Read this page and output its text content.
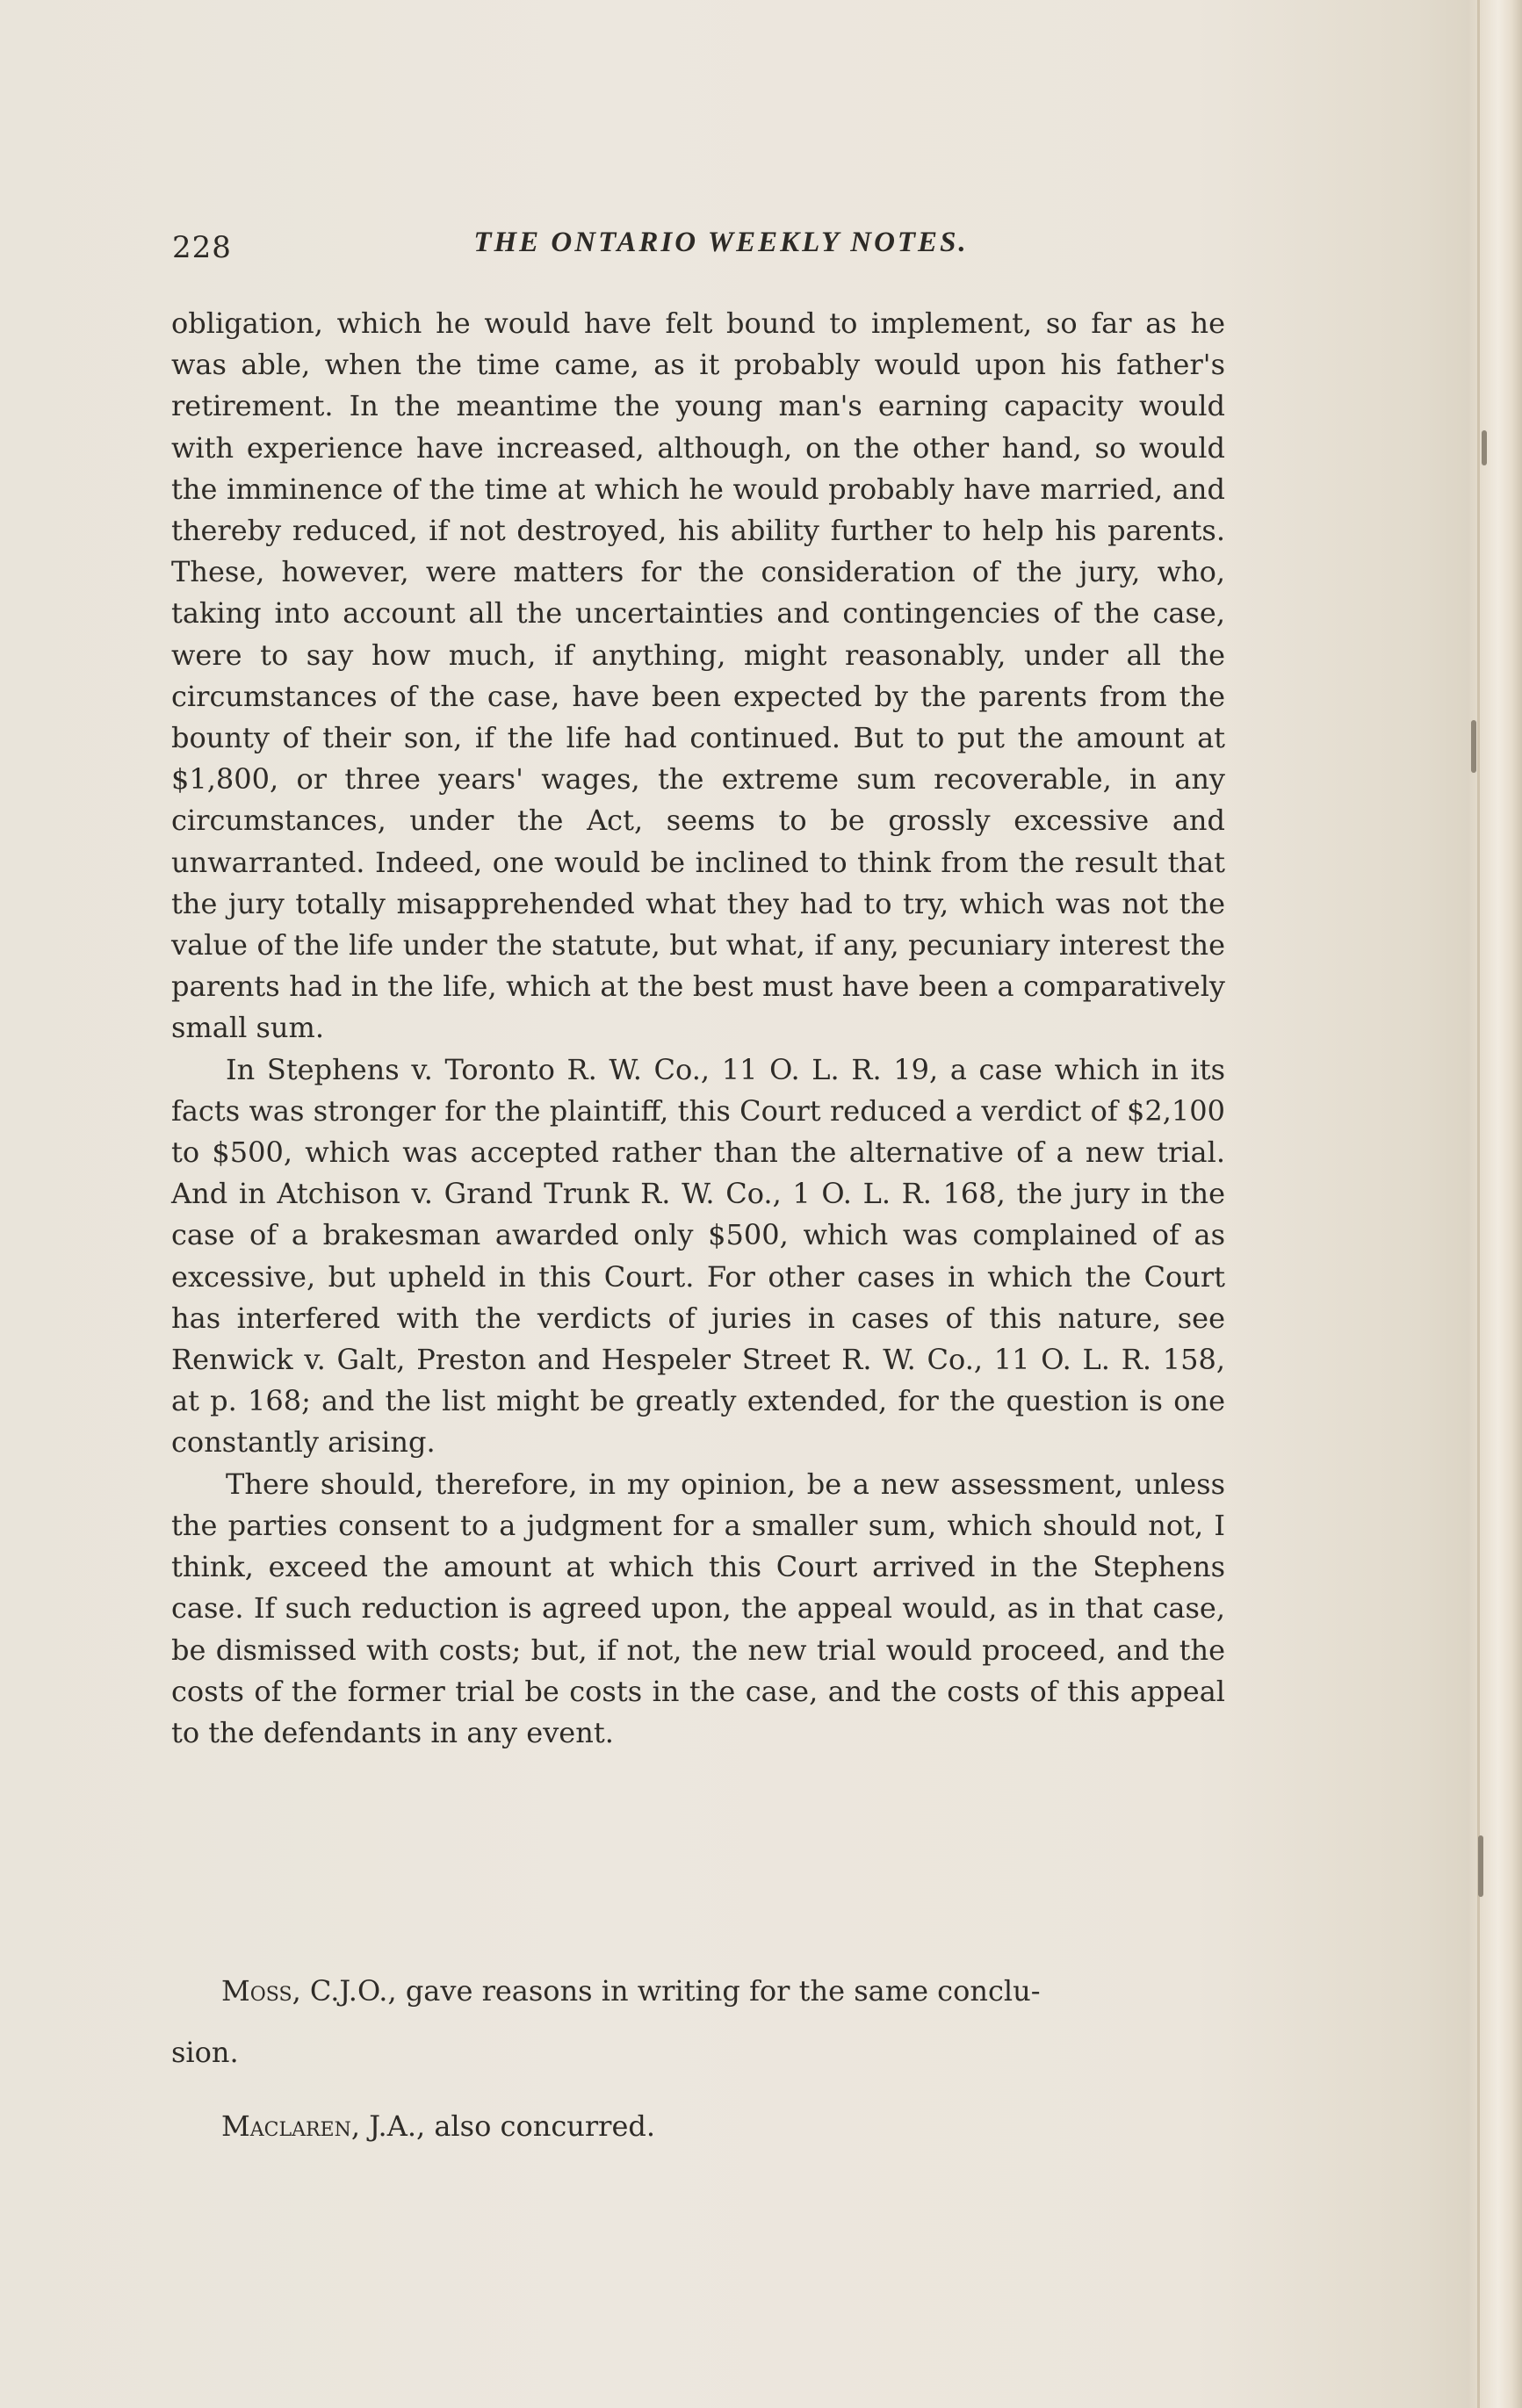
228	THE ONTARIO WEEKLY NOTES.

obligation, which he would have felt bound to implement, so far as he was able, when the time came, as it probably would upon his father's retirement. In the meantime the young man's earning capacity would with experience have increased, although, on the other hand, so would the imminence of the time at which he would probably have married, and thereby reduced, if not destroyed, his ability further to help his parents. These, however, were matters for the consideration of the jury, who, taking into account all the uncertainties and contingencies of the case, were to say how much, if anything, might reasonably, under all the circumstances of the case, have been expected by the parents from the bounty of their son, if the life had continued. But to put the amount at $1,800, or three years' wages, the extreme sum recoverable, in any circumstances, under the Act, seems to be grossly excessive and unwarranted. Indeed, one would be inclined to think from the result that the jury totally misapprehended what they had to try, which was not the value of the life under the statute, but what, if any, pecuniary interest the parents had in the life, which at the best must have been a comparatively small sum.

In Stephens v. Toronto R. W. Co., 11 O. L. R. 19, a case which in its facts was stronger for the plaintiff, this Court reduced a verdict of $2,100 to $500, which was accepted rather than the alternative of a new trial. And in Atchison v. Grand Trunk R. W. Co., 1 O. L. R. 168, the jury in the case of a brakesman awarded only $500, which was complained of as excessive, but upheld in this Court. For other cases in which the Court has interfered with the verdicts of juries in cases of this nature, see Renwick v. Galt, Preston and Hespeler Street R. W. Co., 11 O. L. R. 158, at p. 168; and the list might be greatly extended, for the question is one constantly arising.

There should, therefore, in my opinion, be a new assessment, unless the parties consent to a judgment for a smaller sum, which should not, I think, exceed the amount at which this Court arrived in the Stephens case. If such reduction is agreed upon, the appeal would, as in that case, be dismissed with costs; but, if not, the new trial would proceed, and the costs of the former trial be costs in the case, and the costs of this appeal to the defendants in any event.

Moss, C.J.O., gave reasons in writing for the same conclu-
sion.
Maclaren, J.A., also concurred.
